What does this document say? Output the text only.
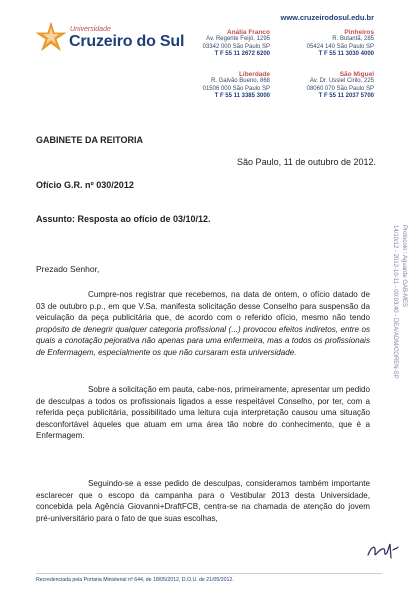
Universidade
Cruzeiro do Sul
www.cruzeirodosul.edu.br
Anália Franco
Av. Regente Feijó, 1295
03342 000 São Paulo SP
T F 55 11 2672 6200
Pinheiros
R. Butantã, 285
05424 140 São Paulo SP
T F 55 11 3030 4000
Liberdade
R. Galvão Bueno, 868
01506 000 São Paulo SP
T F 55 11 3385 3000
São Miguel
Av. Dr. Ussiel Cirilo, 225
08060 070 São Paulo SP
T F 55 11 2037 5700
GABINETE DA REITORIA
São Paulo, 11 de outubro de 2012.
Ofício G.R. nº 030/2012
Assunto: Resposta ao ofício de 03/10/12.
Prezado Senhor,

Cumpre-nos registrar que recebemos, na data de ontem, o ofício datado de 03 de outubro p.p., em que V.Sa. manifesta solicitação desse Conselho para suspensão da veiculação da peça publicitária que, de acordo com o referido ofício, mesmo não tendo propósito de denegrir qualquer categoria profissional (...) provocou efeitos indiretos, entre os quais a conotação pejorativa não apenas para uma enfermeira, mas a todos os profissionais de Enfermagem, especialmente os que não cursaram esta universidade.

Sobre a solicitação em pauta, cabe-nos, primeiramente, apresentar um pedido de desculpas a todos os profissionais ligados a esse respeitável Conselho, por ter, com a referida peça publicitária, possibilitado uma leitura cuja interpretação causou uma situação desconfortável àqueles que atuam em uma área tão nobre do conhecimento, que é a Enfermagem.

Seguindo-se a esse pedido de desculpas, consideramos também importante esclarecer que o escopo da campanha para o Vestibular 2013 desta Universidade, concebida pela Agência Giovanni+DraftFCB, centra-se na chamada de atenção do jovem pré-universitário para o fato de que suas escolhas,

Protocolo : Aguarde GAB-MES
14/10/12 - 2012-10-11 - 00:03:40 - DEA/ADM/COREN-SP
Recredenciada pela Portaria Ministerial nº 644, de 18/05/2012, D.O.U. de 21/05/2012.
